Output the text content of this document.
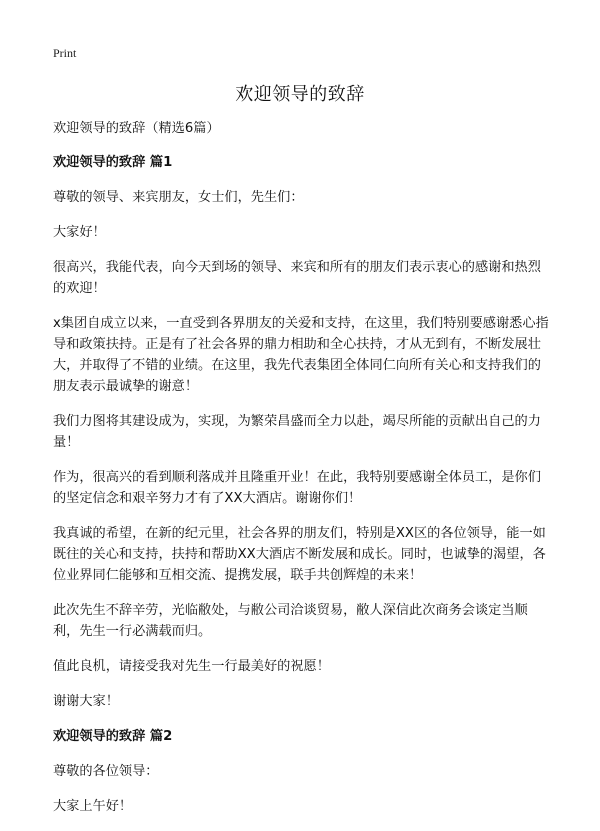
Print
欢迎领导的致辞

欢迎领导的致辞（精选6篇）

欢迎领导的致辞 篇1

尊敬的领导、来宾朋友，女士们，先生们：

大家好！

很高兴，我能代表，向今天到场的领导、来宾和所有的朋友们表示衷心的感谢和热烈的欢迎！

x集团自成立以来，一直受到各界朋友的关爱和支持，在这里，我们特别要感谢悉心指导和政策扶持。正是有了社会各界的鼎力相助和全心扶持，才从无到有，不断发展壮大，并取得了不错的业绩。在这里，我先代表集团全体同仁向所有关心和支持我们的朋友表示最诚挚的谢意！

我们力图将其建设成为，实现，为繁荣昌盛而全力以赴，竭尽所能的贡献出自己的力量！

作为，很高兴的看到顺利落成并且隆重开业！在此，我特别要感谢全体员工，是你们的坚定信念和艰辛努力才有了XX大酒店。谢谢你们！

我真诚的希望，在新的纪元里，社会各界的朋友们，特别是XX区的各位领导，能一如既往的关心和支持，扶持和帮助XX大酒店不断发展和成长。同时，也诚挚的渴望，各位业界同仁能够和互相交流、提携发展，联手共创辉煌的未来！

此次先生不辞辛劳，光临敝处，与敝公司洽谈贸易，敝人深信此次商务会谈定当顺利，先生一行必满载而归。

值此良机，请接受我对先生一行最美好的祝愿！

谢谢大家！

欢迎领导的致辞 篇2

尊敬的各位领导：

大家上午好！
